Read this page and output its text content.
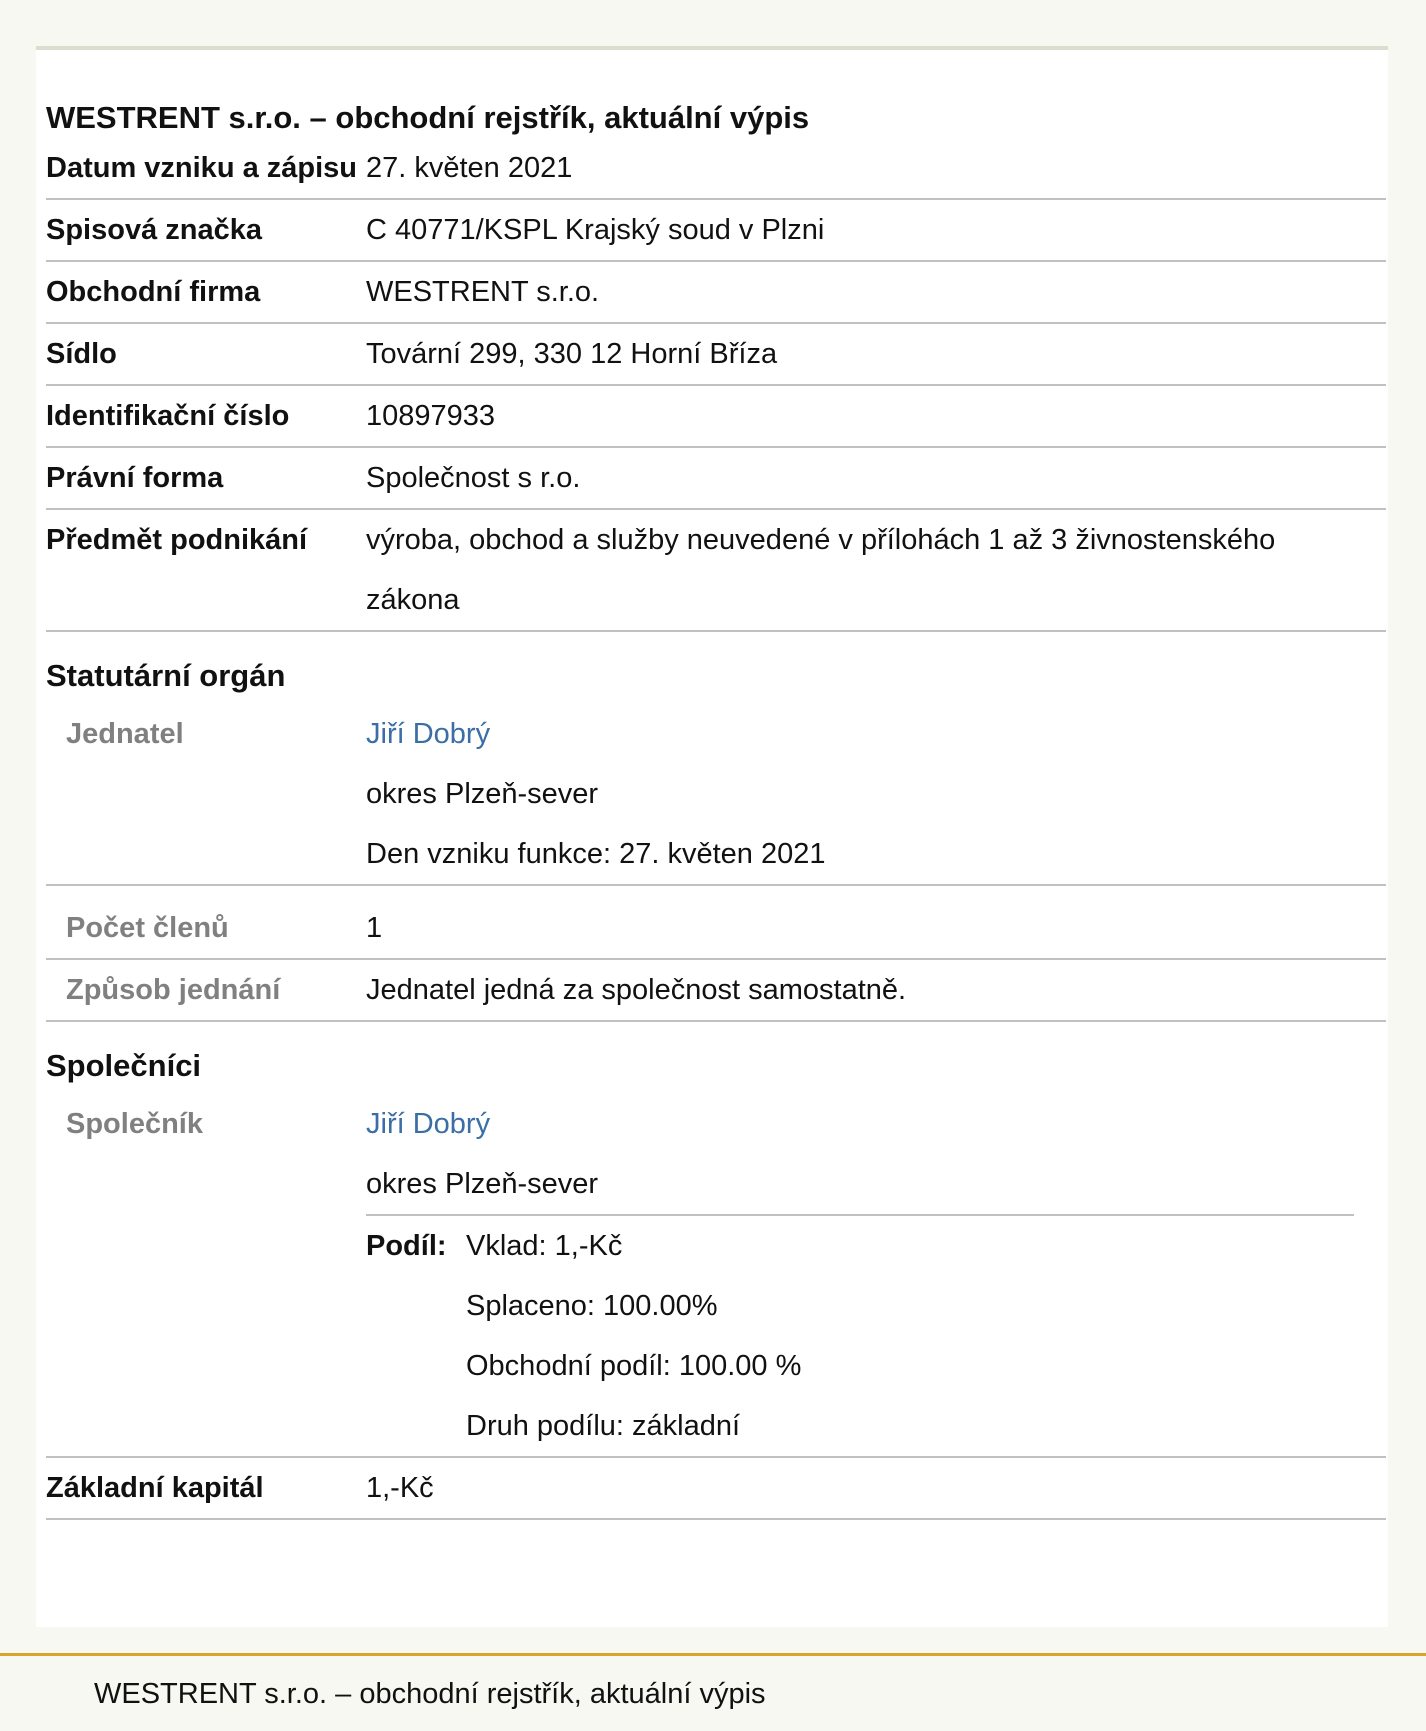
WESTRENT s.r.o. – obchodní rejstřík, aktuální výpis
Datum vzniku a zápisu 27. květen 2021
Spisová značka	C 40771/KSPL Krajský soud v Plzni
Obchodní firma	WESTRENT s.r.o.
Sídlo	Tovární 299, 330 12 Horní Bříza
Identifikační číslo	10897933
Právní forma	Společnost s r.o.
Předmět podnikání	výroba, obchod a služby neuvedené v přílohách 1 až 3 živnostenského zákona
Statutární orgán
Jednatel	Jiří Dobrý
okres Plzeň-sever
Den vzniku funkce: 27. květen 2021
Počet členů	1
Způsob jednání	Jednatel jedná za společnost samostatně.
Společníci
Společník	Jiří Dobrý
okres Plzeň-sever
Podíl: Vklad: 1,-Kč
Splaceno: 100.00%
Obchodní podíl: 100.00 %
Druh podílu: základní
Základní kapitál	1,-Kč
WESTRENT s.r.o. – obchodní rejstřík, aktuální výpis
